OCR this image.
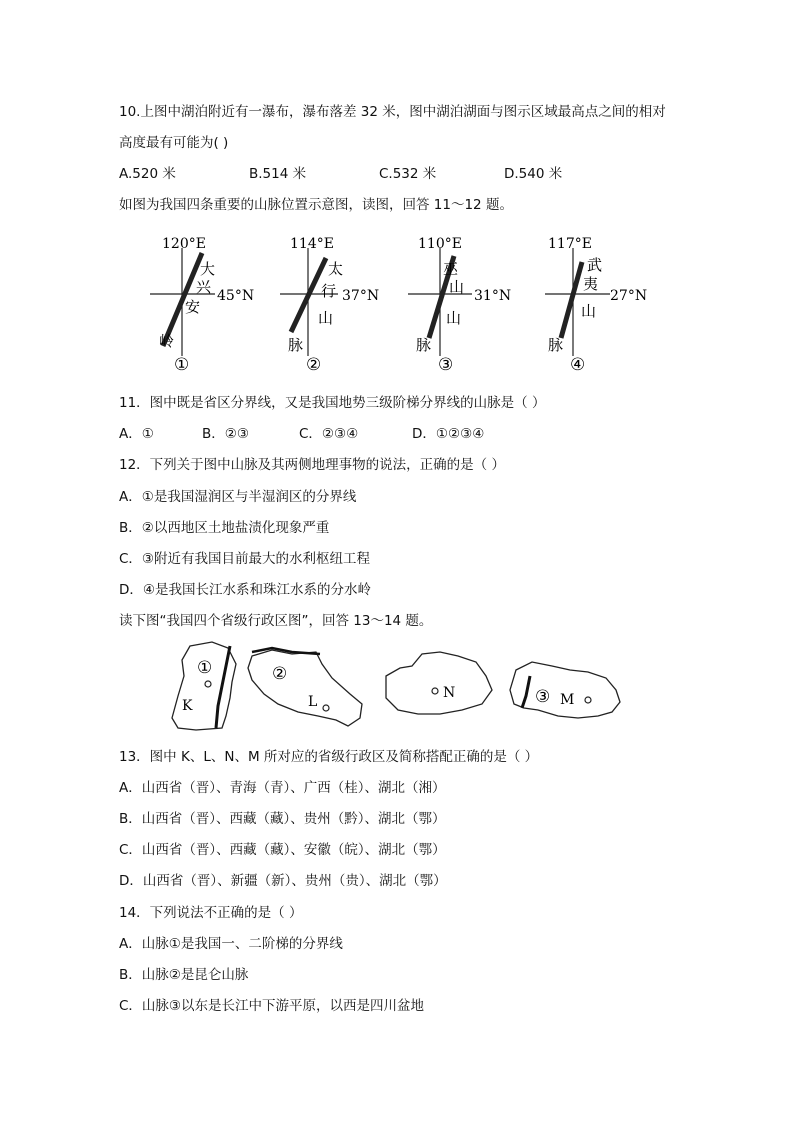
10.上图中湖泊附近有一瀑布，瀑布落差 32 米，图中湖泊湖面与图示区域最高点之间的相对
高度最有可能为( )
A.520 米	B.514 米	C.532 米	D.540 米
如图为我国四条重要的山脉位置示意图，读图，回答 11～12 题。
120°E
45°N
大
兴
安
岭
①
114°E
37°N
太
行
山
脉
②
110°E
31°N
巫
山
山
脉
③
117°E
27°N
武
夷
山
脉
④
11．图中既是省区分界线，又是我国地势三级阶梯分界线的山脉是（ ）
A．①	B．②③	C．②③④	D．①②③④
12．下列关于图中山脉及其两侧地理事物的说法，正确的是（ ）
A．①是我国湿润区与半湿润区的分界线
B．②以西地区土地盐渍化现象严重
C．③附近有我国目前最大的水利枢纽工程
D．④是我国长江水系和珠江水系的分水岭
读下图“我国四个省级行政区图”，回答 13～14 题。
①
K
②
L
N	③ M
13．图中 K、L、N、M 所对应的省级行政区及简称搭配正确的是（ ）
A．山西省（晋）、青海（青）、广西（桂）、湖北（湘）
B．山西省（晋）、西藏（藏）、贵州（黔）、湖北（鄂）
C．山西省（晋）、西藏（藏）、安徽（皖）、湖北（鄂）
D．山西省（晋）、新疆（新）、贵州（贵）、湖北（鄂）
14．下列说法不正确的是（ ）
A．山脉①是我国一、二阶梯的分界线
B．山脉②是昆仑山脉
C．山脉③以东是长江中下游平原，以西是四川盆地
